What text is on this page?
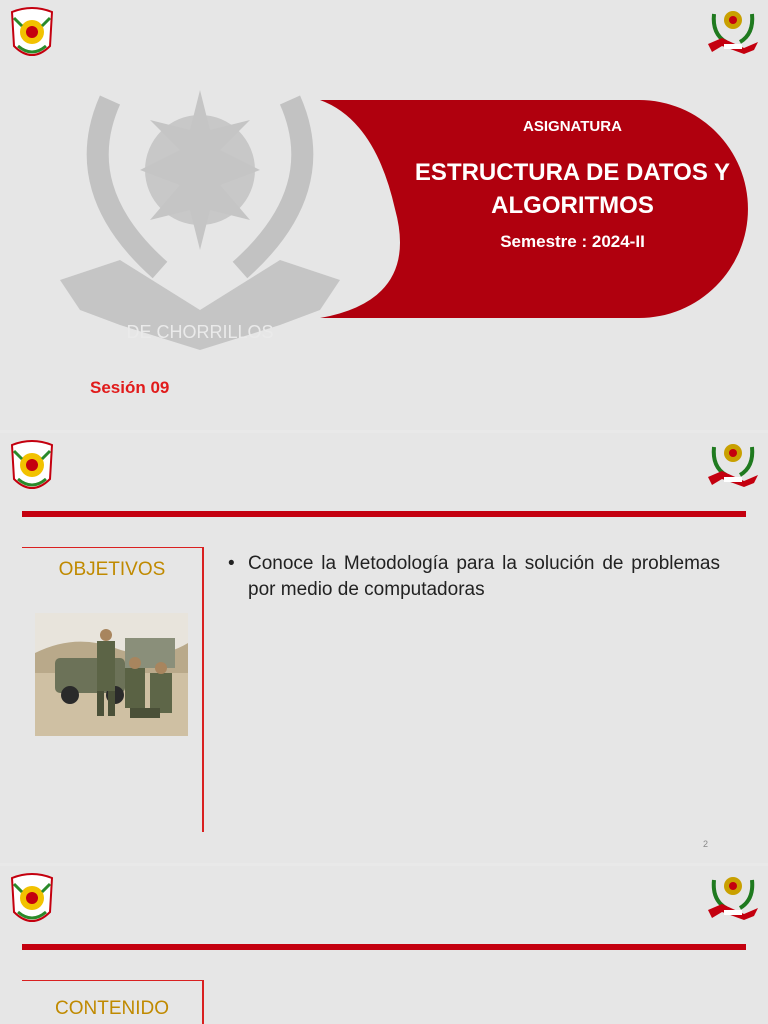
DE CHORRILLOS
ASIGNATURA
ESTRUCTURA DE DATOS Y ALGORITMOS
Semestre : 2024-II
Sesión 09
OBJETIVOS	• Conoce la Metodología para la solución de problemas por medio de computadoras
2
CONTENIDO
